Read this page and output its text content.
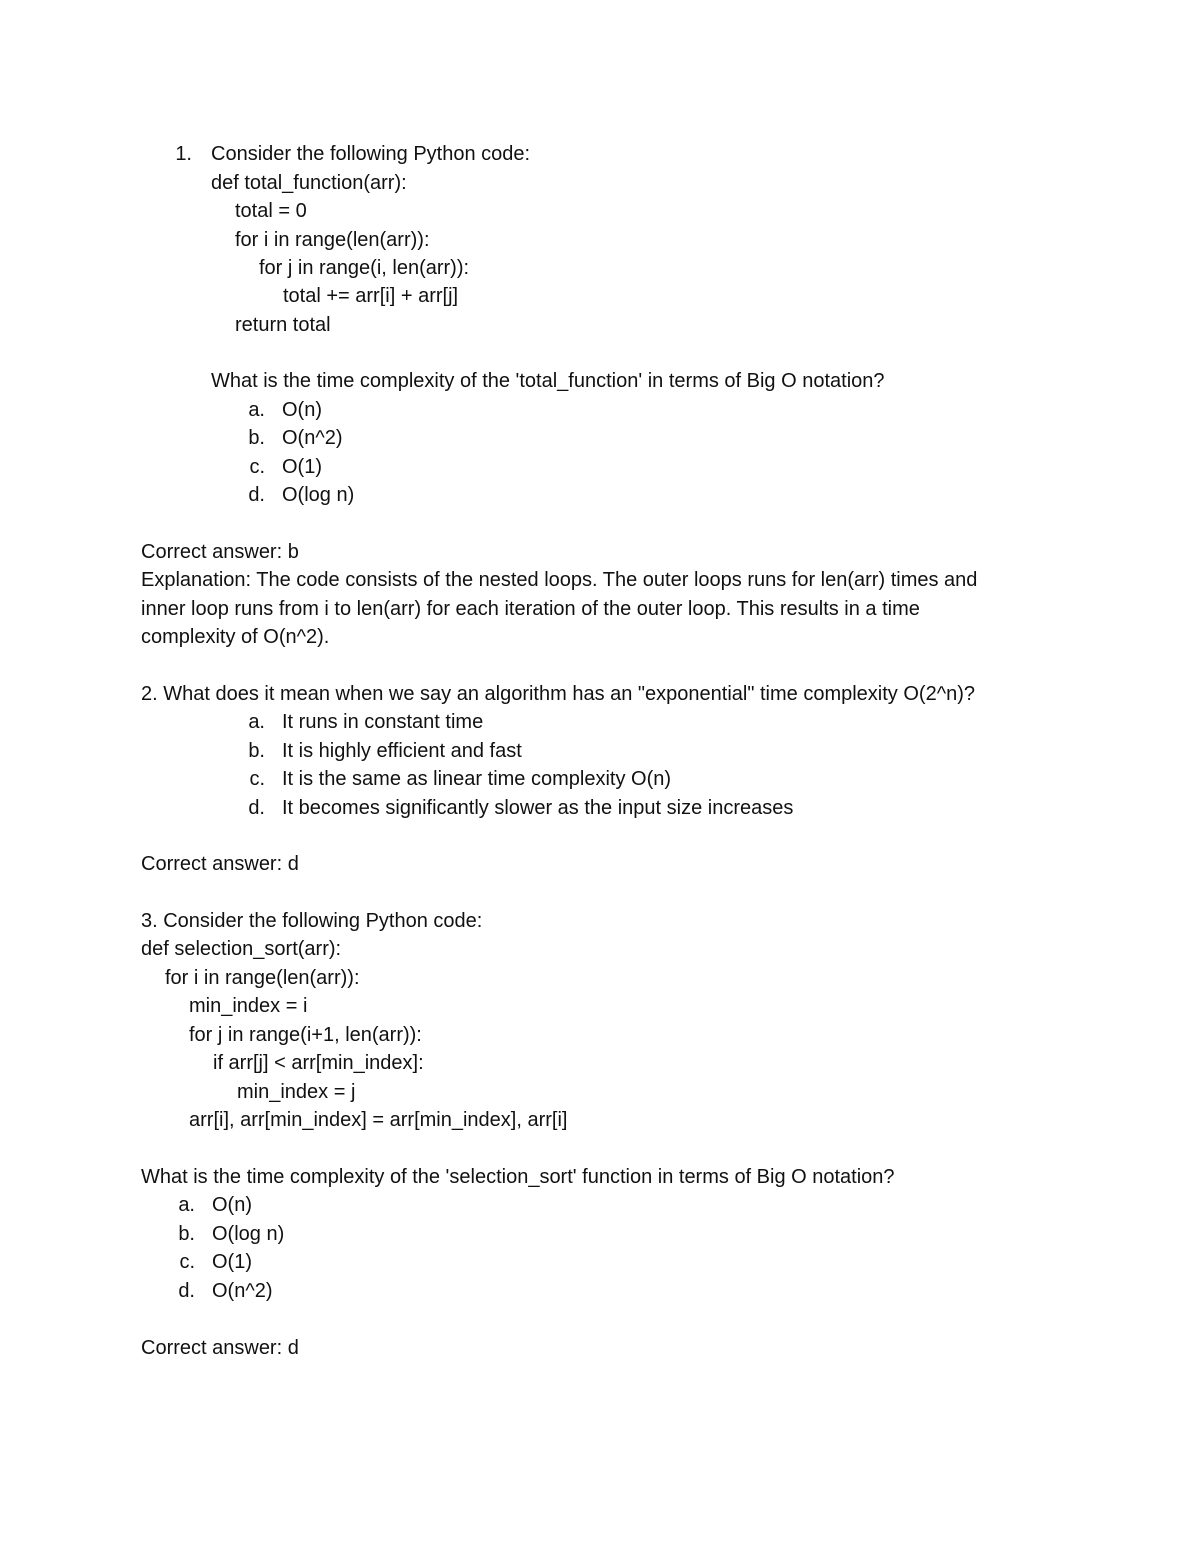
1. Consider the following Python code:
def total_function(arr):
total = 0
for i in range(len(arr)):
for j in range(i, len(arr)):
total += arr[i] + arr[j]
return total
What is the time complexity of the 'total_function' in terms of Big O notation?
a. O(n)
b. O(n^2)
c. O(1)
d. O(log n)
Correct answer: b
Explanation: The code consists of the nested loops. The outer loops runs for len(arr) times and
inner loop runs from i to len(arr) for each iteration of the outer loop. This results in a time
complexity of O(n^2).
2. What does it mean when we say an algorithm has an "exponential" time complexity O(2^n)?
a. It runs in constant time
b. It is highly efficient and fast
c. It is the same as linear time complexity O(n)
d. It becomes significantly slower as the input size increases
Correct answer: d
3. Consider the following Python code:
def selection_sort(arr):
for i in range(len(arr)):
min_index = i
for j in range(i+1, len(arr)):
if arr[j] < arr[min_index]:
min_index = j
arr[i], arr[min_index] = arr[min_index], arr[i]
What is the time complexity of the 'selection_sort' function in terms of Big O notation?
a. O(n)
b. O(log n)
c. O(1)
d. O(n^2)
Correct answer: d
